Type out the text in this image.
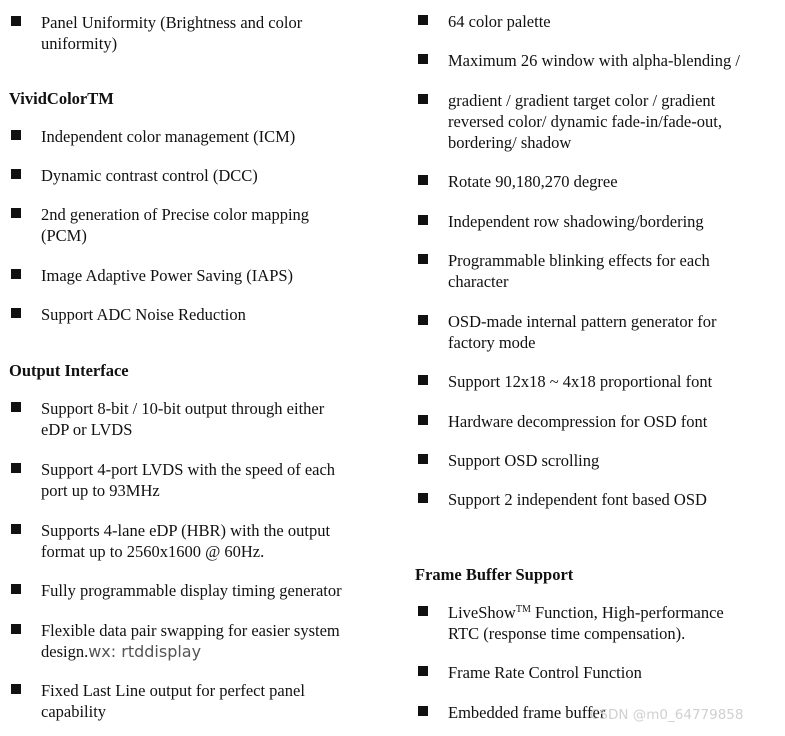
Panel Uniformity (Brightness and color
uniformity)
VividColorTM
Independent color management (ICM)
Dynamic contrast control (DCC)
2nd generation of Precise color mapping
(PCM)
Image Adaptive Power Saving (IAPS)
Support ADC Noise Reduction
Output Interface
Support 8-bit / 10-bit output through either
eDP or LVDS
Support 4-port LVDS with the speed of each
port up to 93MHz
Supports 4-lane eDP (HBR) with the output
format up to 2560x1600 @ 60Hz.
Fully programmable display timing generator
Flexible data pair swapping for easier system
design.wx: rtddisplay
Fixed Last Line output for perfect panel
capability
64 color palette
Maximum 26 window with alpha-blending /
gradient / gradient target color / gradient
reversed color/ dynamic fade-in/fade-out,
bordering/ shadow
Rotate 90,180,270 degree
Independent row shadowing/bordering
Programmable blinking effects for each
character
OSD-made internal pattern generator for
factory mode
Support 12x18 ~ 4x18 proportional font
Hardware decompression for OSD font
Support OSD scrolling
Support 2 independent font based OSD
Frame Buffer Support
LiveShow™ Function, High-performance
RTC (response time compensation).
Frame Rate Control Function
Embedded frame buffer
CSDN @m0_64779858
